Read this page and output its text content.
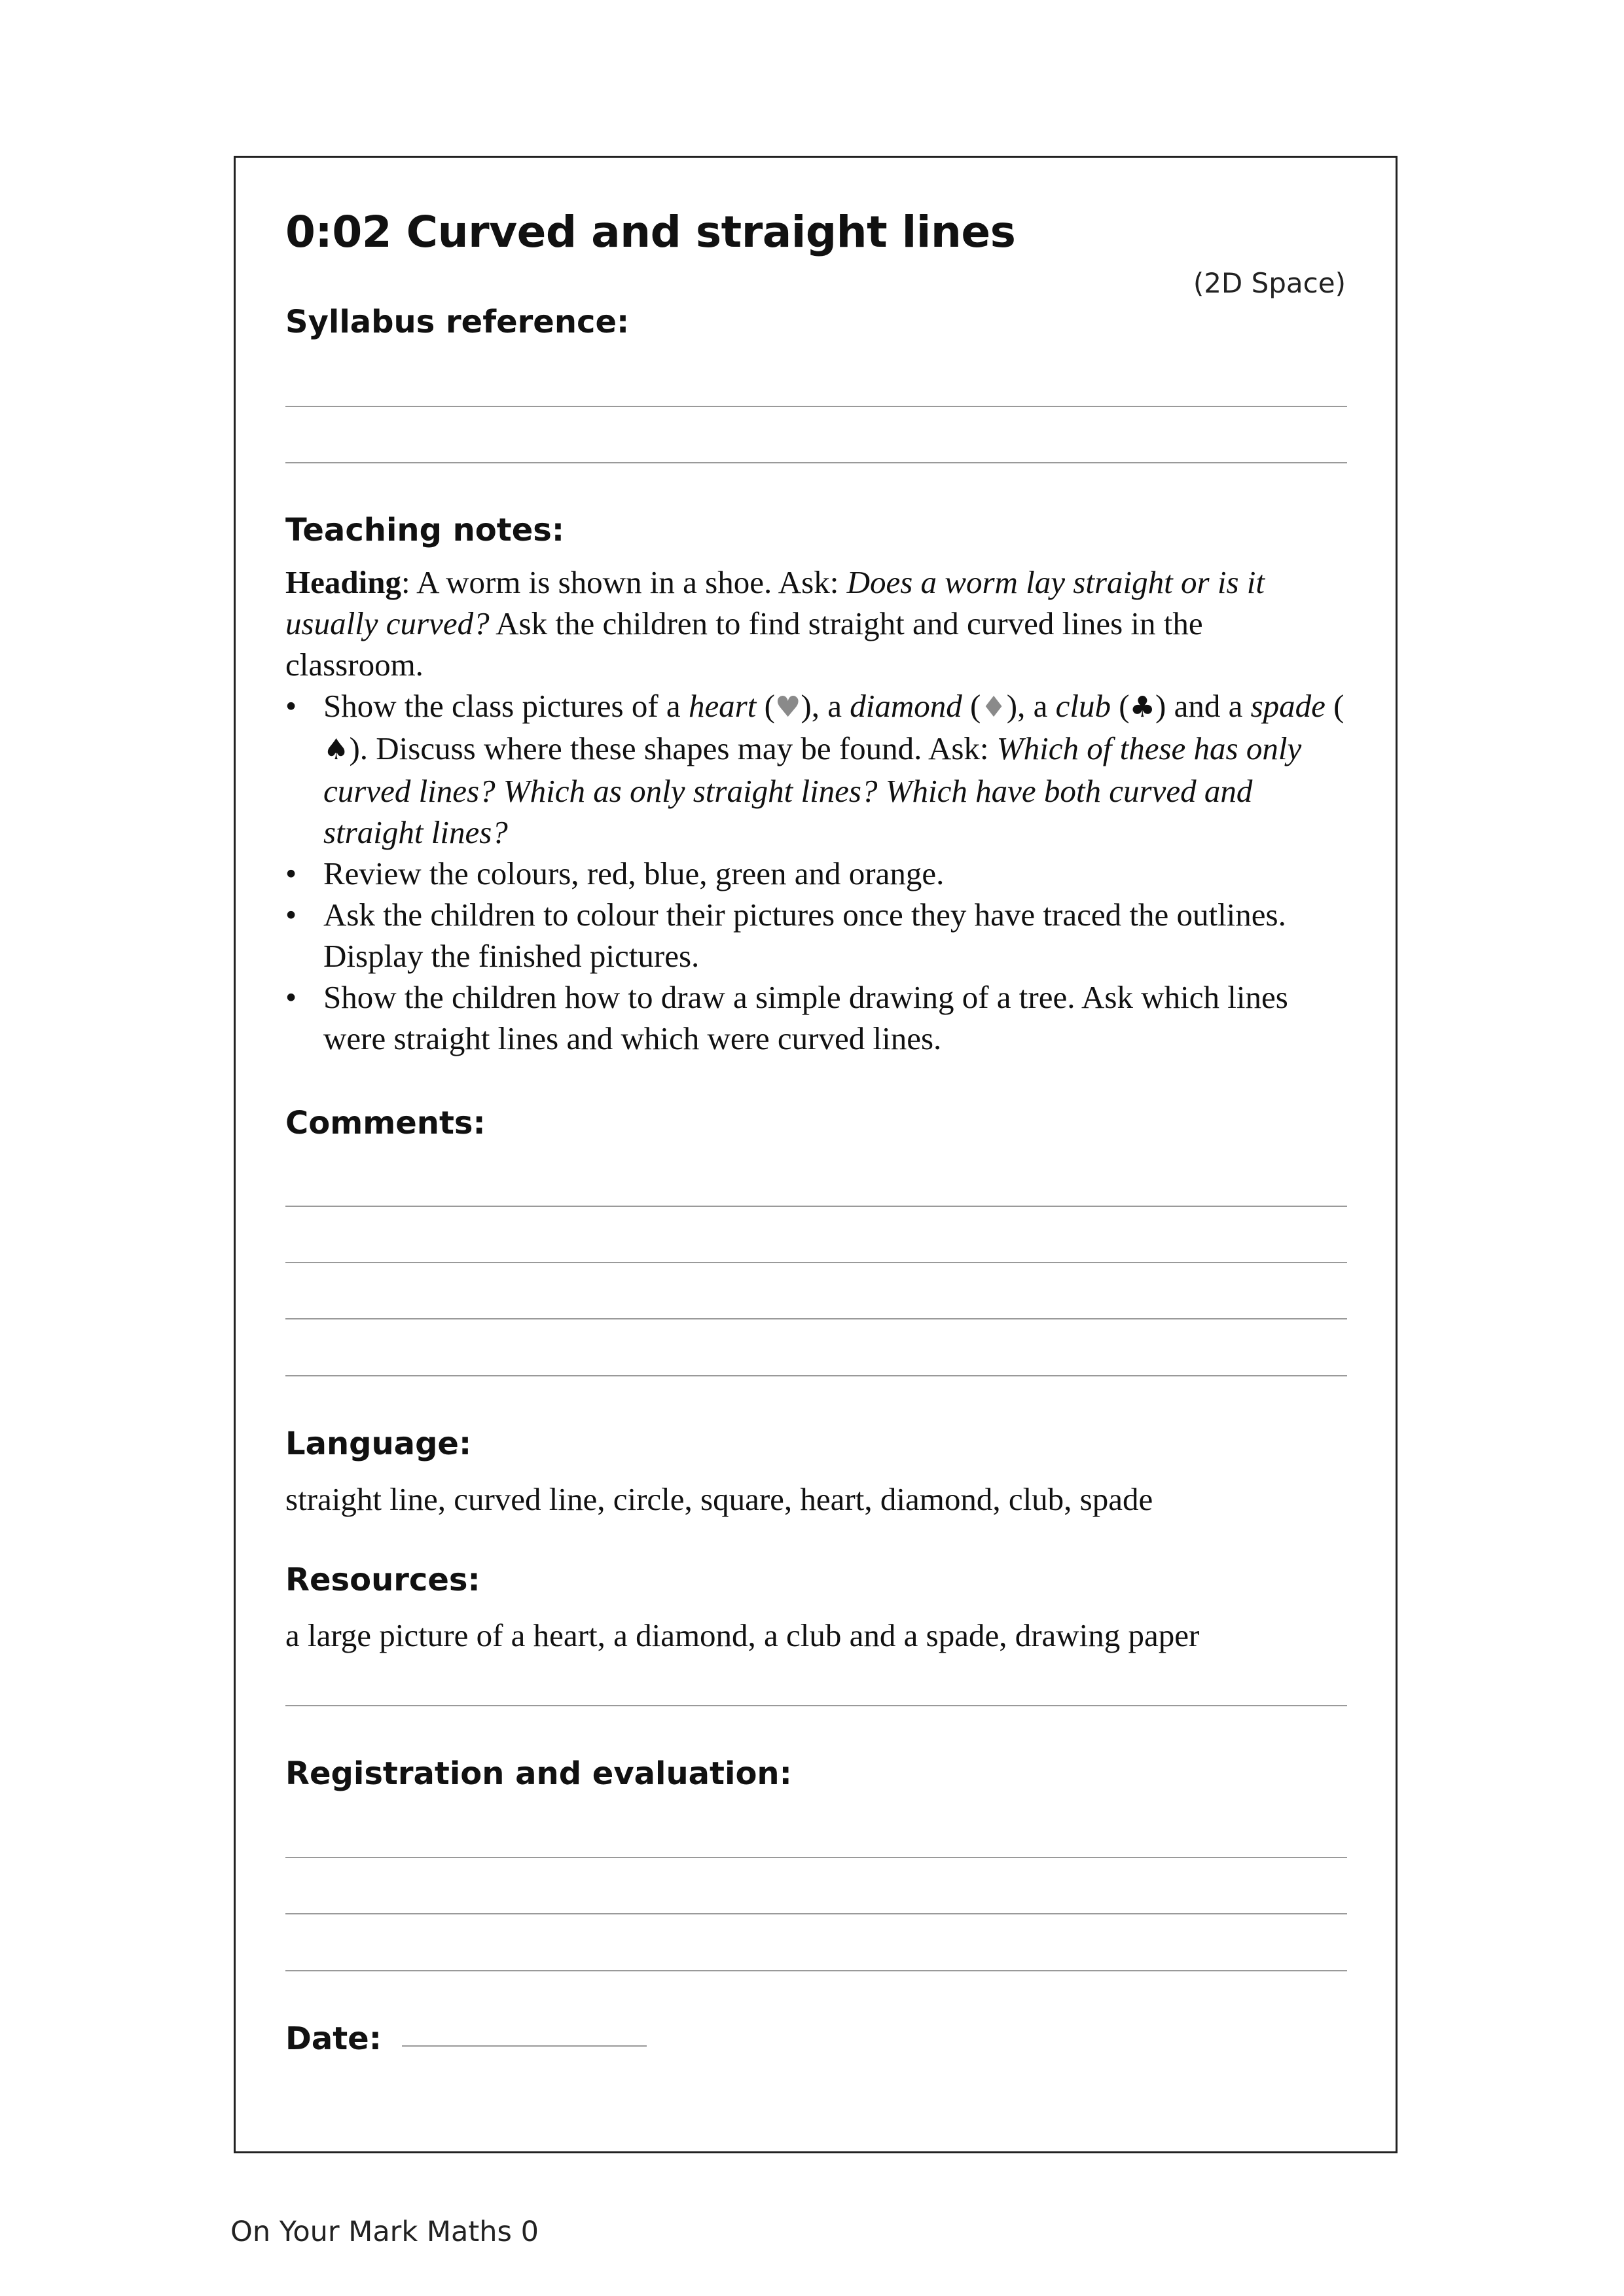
0:02 Curved and straight lines
(2D Space)
Syllabus reference:
Teaching notes:

Heading: A worm is shown in a shoe. Ask: Does a worm lay straight or is it usually curved? Ask the children to find straight and curved lines in the classroom.

• Show the class pictures of a heart (♥), a diamond (♦), a club (♣) and a spade (♠). Discuss where these shapes may be found. Ask: Which of these has only curved lines? Which as only straight lines? Which have both curved and straight lines?
• Review the colours, red, blue, green and orange.
• Ask the children to colour their pictures once they have traced the outlines. Display the finished pictures.
• Show the children how to draw a simple drawing of a tree. Ask which lines were straight lines and which were curved lines.
Comments:
Language:
straight line, curved line, circle, square, heart, diamond, club, spade
Resources:
a large picture of a heart, a diamond, a club and a spade, drawing paper
Registration and evaluation:
Date:
On Your Mark Maths 0
